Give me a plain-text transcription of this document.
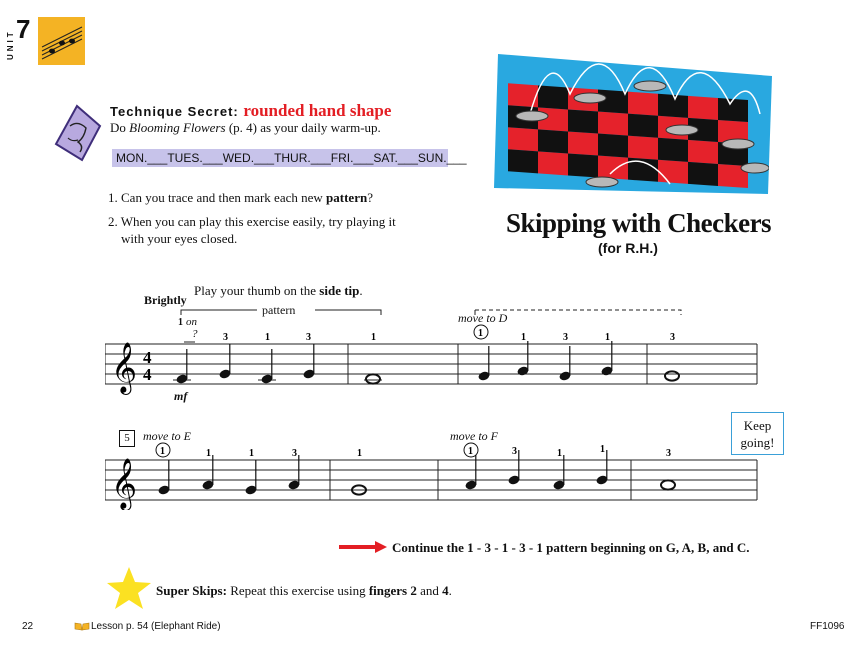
7
UNIT
Technique Secret: rounded hand shape
Do Blooming Flowers (p. 4) as your daily warm-up.
MON.___TUES.___WED.___THUR.___FRI.___SAT.___SUN.___
1. Can you trace and then mark each new pattern?
2. When you can play this exercise easily, try playing it
with your eyes closed.
Skipping with Checkers
(for R.H.)
Brightly
Play your thumb on the side tip.
pattern
move to D
move to E	move to F
mf
1 on
?
5
𝄞 4
4
𝄞
3	1	3	1	1	3	1	3
1	1	3	1	3	1	1	3
1
1	1
Keep
going!
Continue the 1 - 3 - 1 - 3 - 1 pattern beginning on G, A, B, and C.
Super Skips: Repeat this exercise using fingers 2 and 4.
22	Lesson p. 54 (Elephant Ride)	FF1096
